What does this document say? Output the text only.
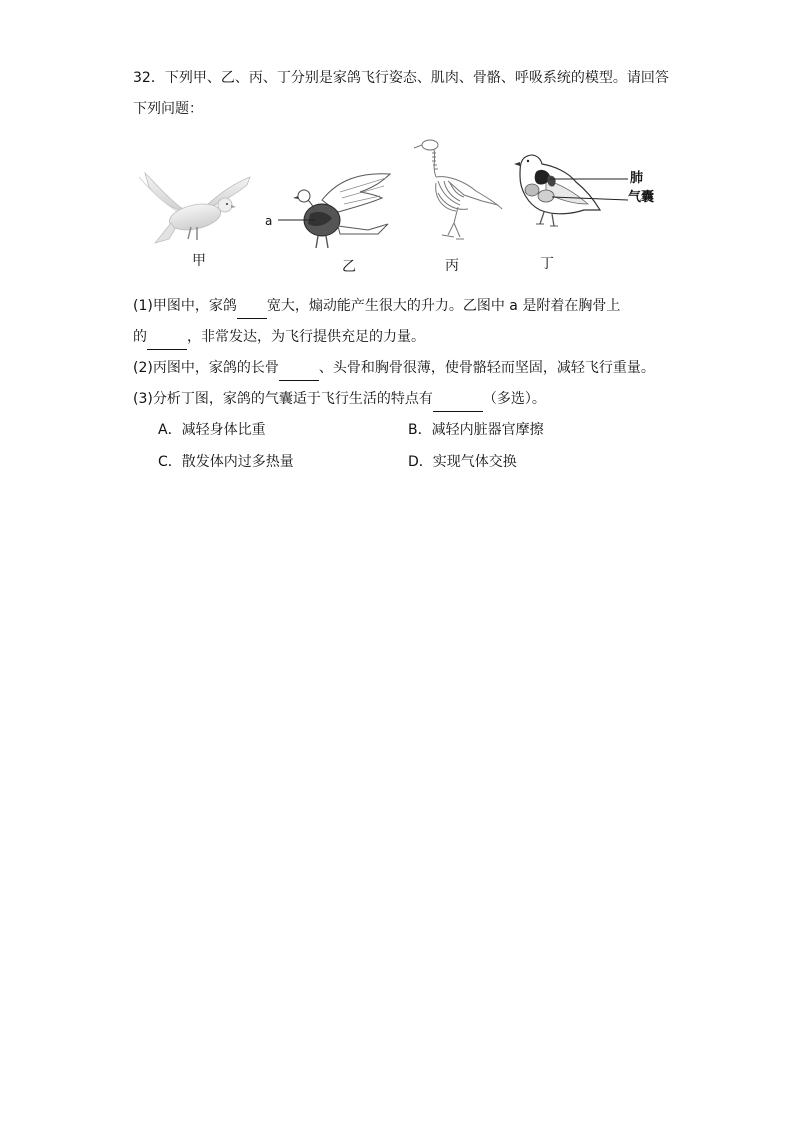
32．下列甲、乙、丙、丁分别是家鸽飞行姿态、肌肉、骨骼、呼吸系统的模型。请回答
下列问题：
甲
a
乙	丙
肺
气囊
丁
(1)甲图中，家鸽 宽大，煽动能产生很大的升力。乙图中 a 是附着在胸骨上
的	，非常发达，为飞行提供充足的力量。
(2)丙图中，家鸽的长骨	、头骨和胸骨很薄，使骨骼轻而坚固，减轻飞行重量。
(3)分析丁图，家鸽的气囊适于飞行生活的特点有	（多选）。
A．减轻身体比重	B．减轻内脏器官摩擦
C．散发体内过多热量	D．实现气体交换
